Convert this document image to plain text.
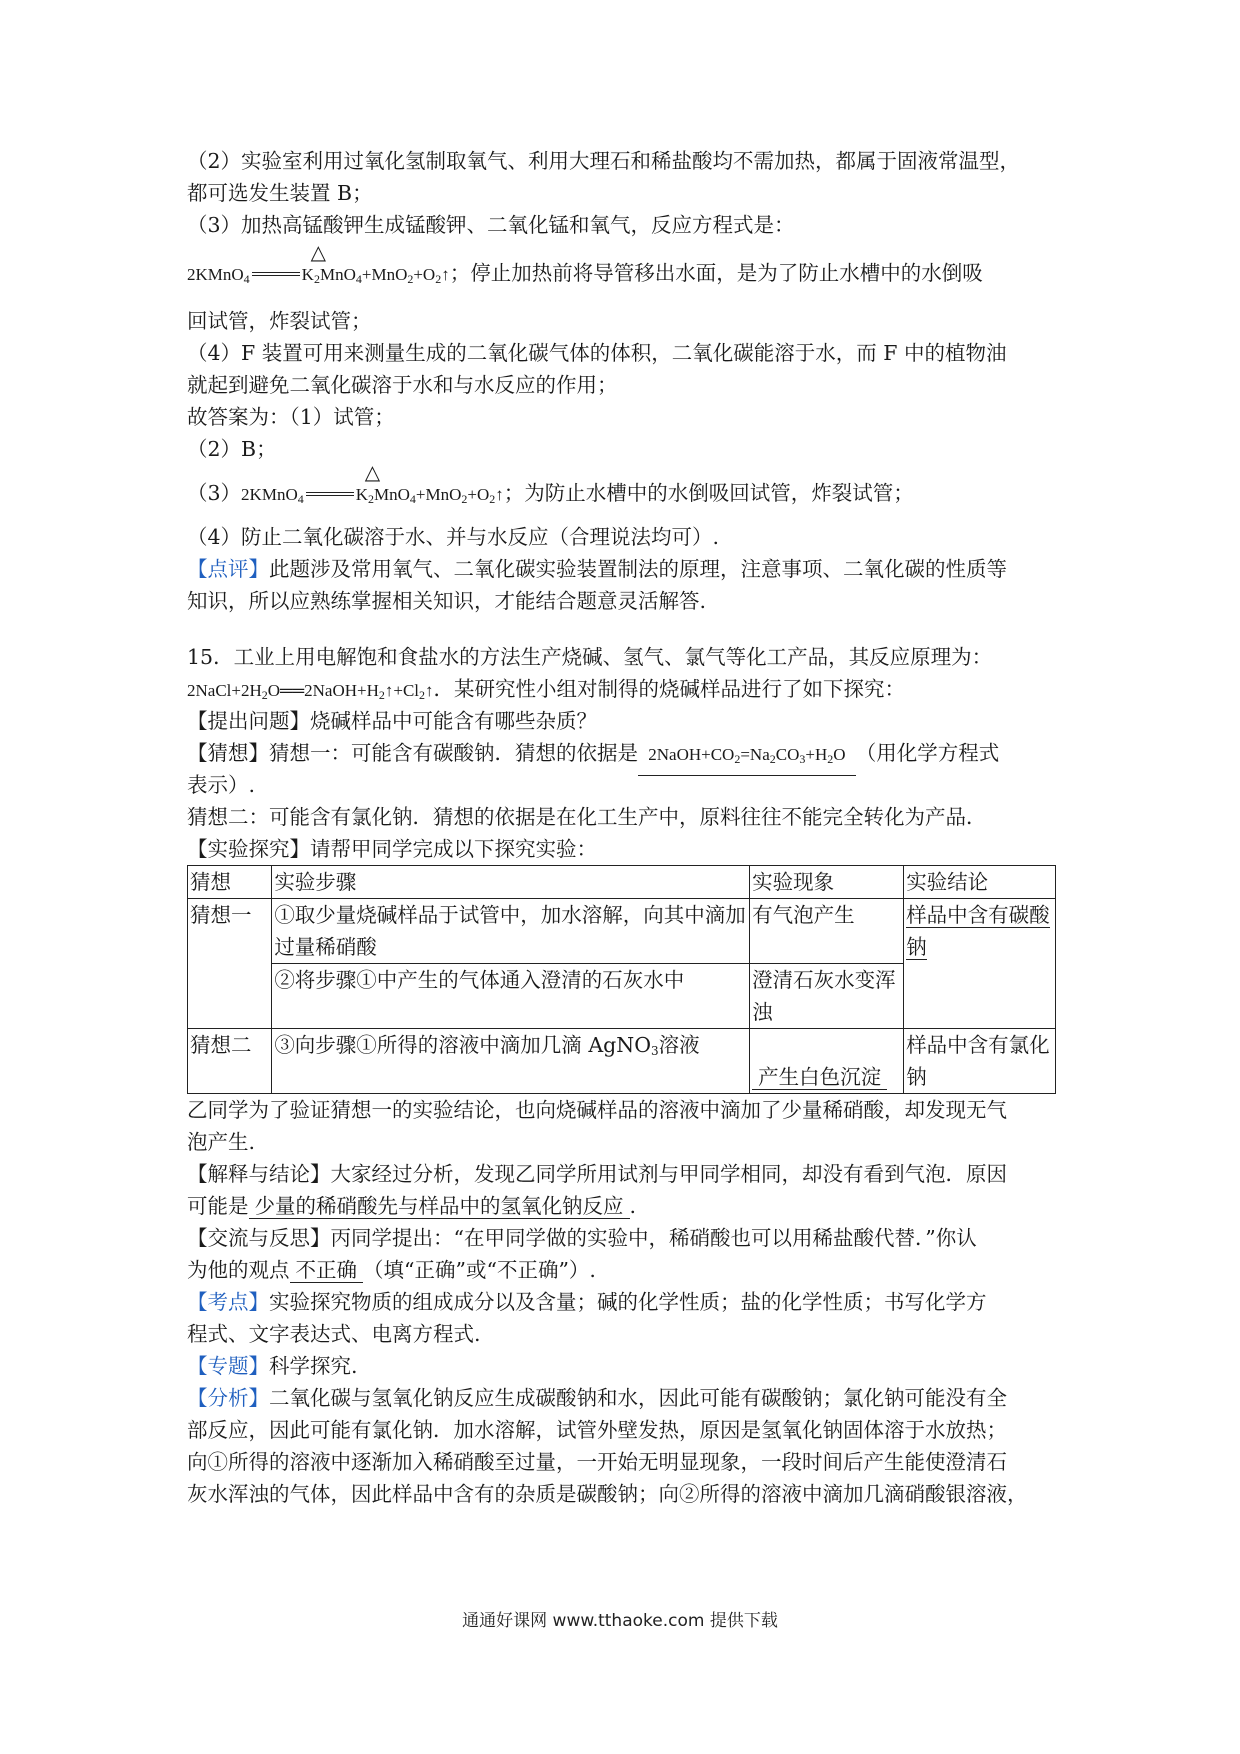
（2）实验室利用过氧化氢制取氧气、利用大理石和稀盐酸均不需加热，都属于固液常温型，
都可选发生装置 B；
（3）加热高锰酸钾生成锰酸钾、二氧化锰和氧气，反应方程式是：
2KMnO$_4$
△
$K_2MnO_4+MnO_2+O_2↑$；停止加热前将导管移出水面，是为了防止水槽中的水倒吸
回试管，炸裂试管；
（4）F 装置可用来测量生成的二氧化碳气体的体积，二氧化碳能溶于水，而 F 中的植物油
就起到避免二氧化碳溶于水和与水反应的作用；
故答案为：（1）试管；
（2）B；
（3）2KMnO$_4$
△
$K_2MnO_4+MnO_2+O_2↑$；为防止水槽中的水倒吸回试管，炸裂试管；
（4）防止二氧化碳溶于水、并与水反应（合理说法均可）.
【点评】此题涉及常用氧气、二氧化碳实验装置制法的原理，注意事项、二氧化碳的性质等
知识，所以应熟练掌握相关知识，才能结合题意灵活解答.
15．工业上用电解饱和食盐水的方法生产烧碱、氢气、氯气等化工产品，其反应原理为：
$2NaCl+2H_2O══2NaOH+H_2↑+Cl_2↑$．某研究性小组对制得的烧碱样品进行了如下探究：
【提出问题】烧碱样品中可能含有哪些杂质？
【猜想】猜想一：可能含有碳酸钠．猜想的依据是 $2NaOH+CO_2=Na_2CO_3+H_2O$ （用化学方程式
表示）.
猜想二：可能含有氯化钠．猜想的依据是在化工生产中，原料往往不能完全转化为产品．
【实验探究】请帮甲同学完成以下探究实验：
猜想	实验步骤	实验现象	实验结论
猜想一	①取少量烧碱样品于试管中，加水溶解，向其中滴加过量稀硝酸	有气泡产生	样品中含有碳酸钠
	②将步骤①中产生的气体通入澄清的石灰水中	澄清石灰水变浑浊	
猜想二	③向步骤①所得的溶液中滴加几滴 AgNO$_3$溶液	产生白色沉淀	样品中含有氯化钠
乙同学为了验证猜想一的实验结论，也向烧碱样品的溶液中滴加了少量稀硝酸，却发现无气
泡产生.
【解释与结论】大家经过分析，发现乙同学所用试剂与甲同学相同，却没有看到气泡．原因
可能是 少量的稀硝酸先与样品中的氢氧化钠反应 .
【交流与反思】丙同学提出：“在甲同学做的实验中，稀硝酸也可以用稀盐酸代替．”你认
为他的观点 不正确 （填“正确”或“不正确”）.
【考点】实验探究物质的组成成分以及含量；碱的化学性质；盐的化学性质；书写化学方
程式、文字表达式、电离方程式.
【专题】科学探究.
【分析】二氧化碳与氢氧化钠反应生成碳酸钠和水，因此可能有碳酸钠；氯化钠可能没有全
部反应，因此可能有氯化钠．加水溶解，试管外壁发热，原因是氢氧化钠固体溶于水放热；
向①所得的溶液中逐渐加入稀硝酸至过量，一开始无明显现象，一段时间后产生能使澄清石
灰水浑浊的气体，因此样品中含有的杂质是碳酸钠；向②所得的溶液中滴加几滴硝酸银溶液，
通通好课网 www.tthaoke.com 提供下载
